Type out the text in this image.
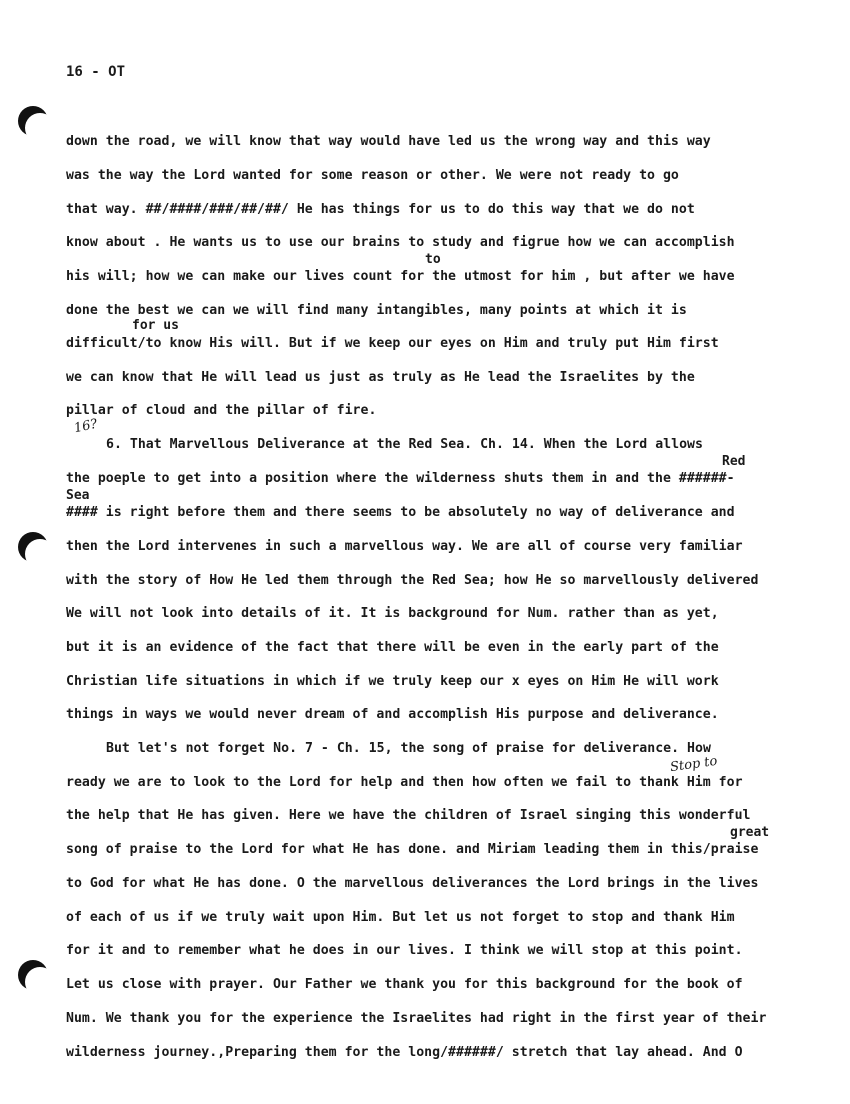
16 - OT
16?
Stop to
to
for us
Red
Sea
great
down the road, we will know that way would have led us the wrong way and this way
was the way the Lord wanted for some reason or other. We were not ready to go
that way. ##/####/###/##/##/ He has things for us to do this way that we do not
know about . He wants us to use our brains to study and figrue how we can accomplish
his will; how we can make our lives count for the utmost for him , but after we have
done the best we can we will find many intangibles, many points at which it is
difficult/to know His will. But if we keep our eyes on Him and truly put Him first
we can know that He will lead us just as truly as He lead the Israelites by the
pillar of cloud and the pillar of fire.
6. That Marvellous Deliverance at the Red Sea. Ch. 14. When the Lord allows
the poeple to get into a position where the wilderness shuts them in and the ######-
#### is right before them and there seems to be absolutely no way of deliverance and
then the Lord intervenes in such a marvellous way. We are all of course very familiar
with the story of How He led them through the Red Sea; how He so marvellously delivered
We will not look into details of it. It is background for Num. rather than as yet,
but it is an evidence of the fact that there will be even in the early part of the
Christian life situations in which if we truly keep our x eyes on Him He will work
things in ways we would never dream of and accomplish His purpose and deliverance.
But let's not forget No. 7 - Ch. 15, the song of praise for deliverance. How
ready we are to look to the Lord for help and then how often we fail to thank Him for
the help that He has given. Here we have the children of Israel singing this wonderful
song of praise to the Lord for what He has done. and Miriam leading them in this/praise
to God for what He has done. O the marvellous deliverances the Lord brings in the lives
of each of us if we truly wait upon Him. But let us not forget to stop and thank Him
for it and to remember what he does in our lives. I think we will stop at this point.
Let us close with prayer. Our Father we thank you for this background for the book of
Num. We thank you for the experience the Israelites had right in the first year of their
wilderness journey.,Preparing them for the long/######/ stretch that lay ahead. And O
